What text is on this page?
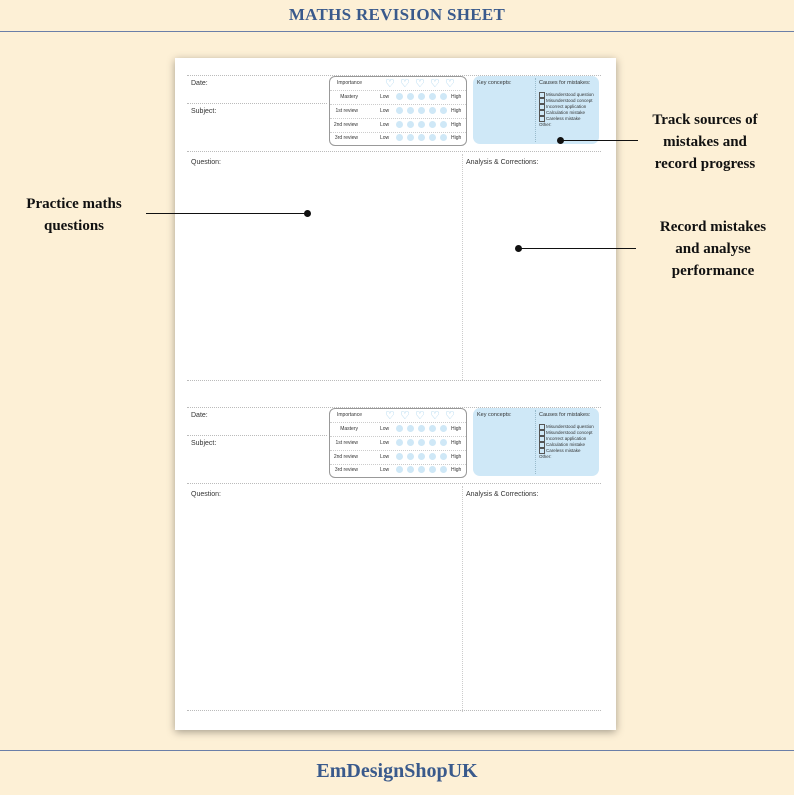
MATHS REVISION SHEET
Date:
Subject:
Importance ♡ ♡ ♡ ♡ ♡
Mastery	Low	High
1st review	Low	High
2nd review	Low	High
3rd review	Low	High
Key concepts:	Causes for mistakes:
Misunderstood question
Misunderstood concept
Incorrect application
Calculation mistake
Careless mistake
Other:
Question:	Analysis & Corrections:
Date:
Subject:
Importance ♡ ♡ ♡ ♡ ♡
Mastery	Low	High
1st review	Low	High
2nd review	Low	High
3rd review	Low	High
Key concepts:	Causes for mistakes:
Misunderstood question
Misunderstood concept
Incorrect application
Calculation mistake
Careless mistake
Other:
Question:	Analysis & Corrections:
Track sources of
mistakes and
record progress
Practice maths
questions	Record mistakes
and analyse
performance
EmDesignShopUK
